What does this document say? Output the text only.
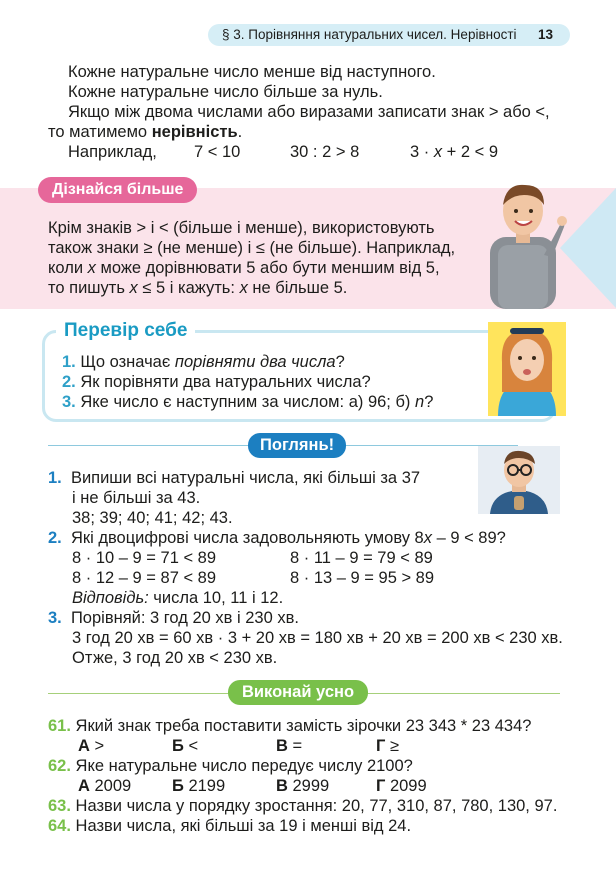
§ 3. Порівняння натуральних чисел. Нерівності 13
Кожне натуральне число менше від наступного.
Кожне натуральне число більше за нуль.
Якщо між двома числами або виразами записати знак > або <,
то матимемо нерівність.
Наприклад, 7 < 10	30 : 2 > 8	3 · x + 2 < 9
Дізнайся більше
Крім знаків > і < (більше і менше), використовують
також знаки ≥ (не менше) і ≤ (не більше). Наприклад,
коли x може дорівнювати 5 або бути меншим від 5,
то пишуть x ≤ 5 і кажуть: x не більше 5.
Перевір себе
1. Що означає порівняти два числа?
2. Як порівняти два натуральних числа?
3. Яке число є наступним за числом: а) 96; б) n?
Поглянь!
1. Випиши всі натуральні числа, які більші за 37
і не більші за 43.
38; 39; 40; 41; 42; 43.
2. Які двоцифрові числа задовольняють умову 8x – 9 < 89?
8 · 10 – 9 = 71 < 89	8 · 11 – 9 = 79 < 89
8 · 12 – 9 = 87 < 89	8 · 13 – 9 = 95 > 89
Відповідь: числа 10, 11 і 12.
3. Порівняй: 3 год 20 хв і 230 хв.
3 год 20 хв = 60 хв · 3 + 20 хв = 180 хв + 20 хв = 200 хв < 230 хв.
Отже, 3 год 20 хв < 230 хв.
Виконай усно
61. Який знак треба поставити замість зірочки 23 343 * 23 434?
А >	Б <	В =	Г ≥
62. Яке натуральне число передує числу 2100?
А 2009 Б 2199	В 2999	Г 2099
63. Назви числа у порядку зростання: 20, 77, 310, 87, 780, 130, 97.
64. Назви числа, які більші за 19 і менші від 24.
